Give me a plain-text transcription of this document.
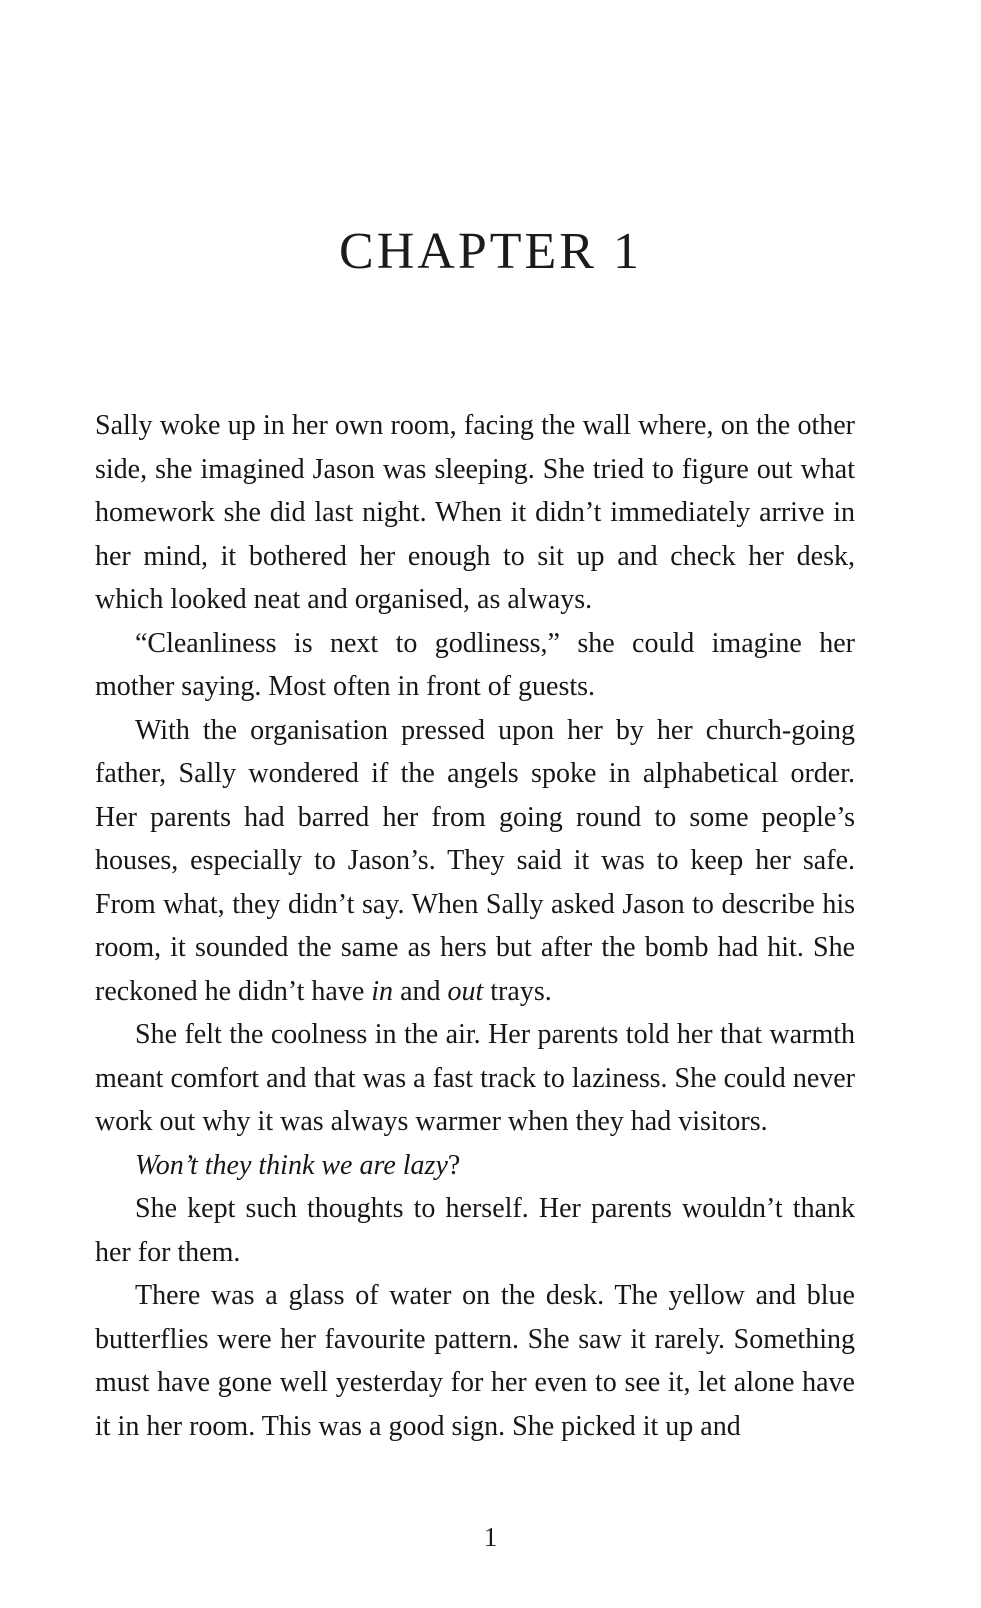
CHAPTER 1

Sally woke up in her own room, facing the wall where, on the other side, she imagined Jason was sleeping. She tried to figure out what homework she did last night. When it didn’t immediately arrive in her mind, it bothered her enough to sit up and check her desk, which looked neat and organised, as always.

“Cleanliness is next to godliness,” she could imagine her mother saying. Most often in front of guests.

With the organisation pressed upon her by her church-going father, Sally wondered if the angels spoke in alphabetical order. Her parents had barred her from going round to some people’s houses, especially to Jason’s. They said it was to keep her safe. From what, they didn’t say. When Sally asked Jason to describe his room, it sounded the same as hers but after the bomb had hit. She reckoned he didn’t have in and out trays.

She felt the coolness in the air. Her parents told her that warmth meant comfort and that was a fast track to laziness. She could never work out why it was always warmer when they had visitors.

Won’t they think we are lazy?

She kept such thoughts to herself. Her parents wouldn’t thank her for them.

There was a glass of water on the desk. The yellow and blue butterflies were her favourite pattern. She saw it rarely. Something must have gone well yesterday for her even to see it, let alone have it in her room. This was a good sign. She picked it up and

1
